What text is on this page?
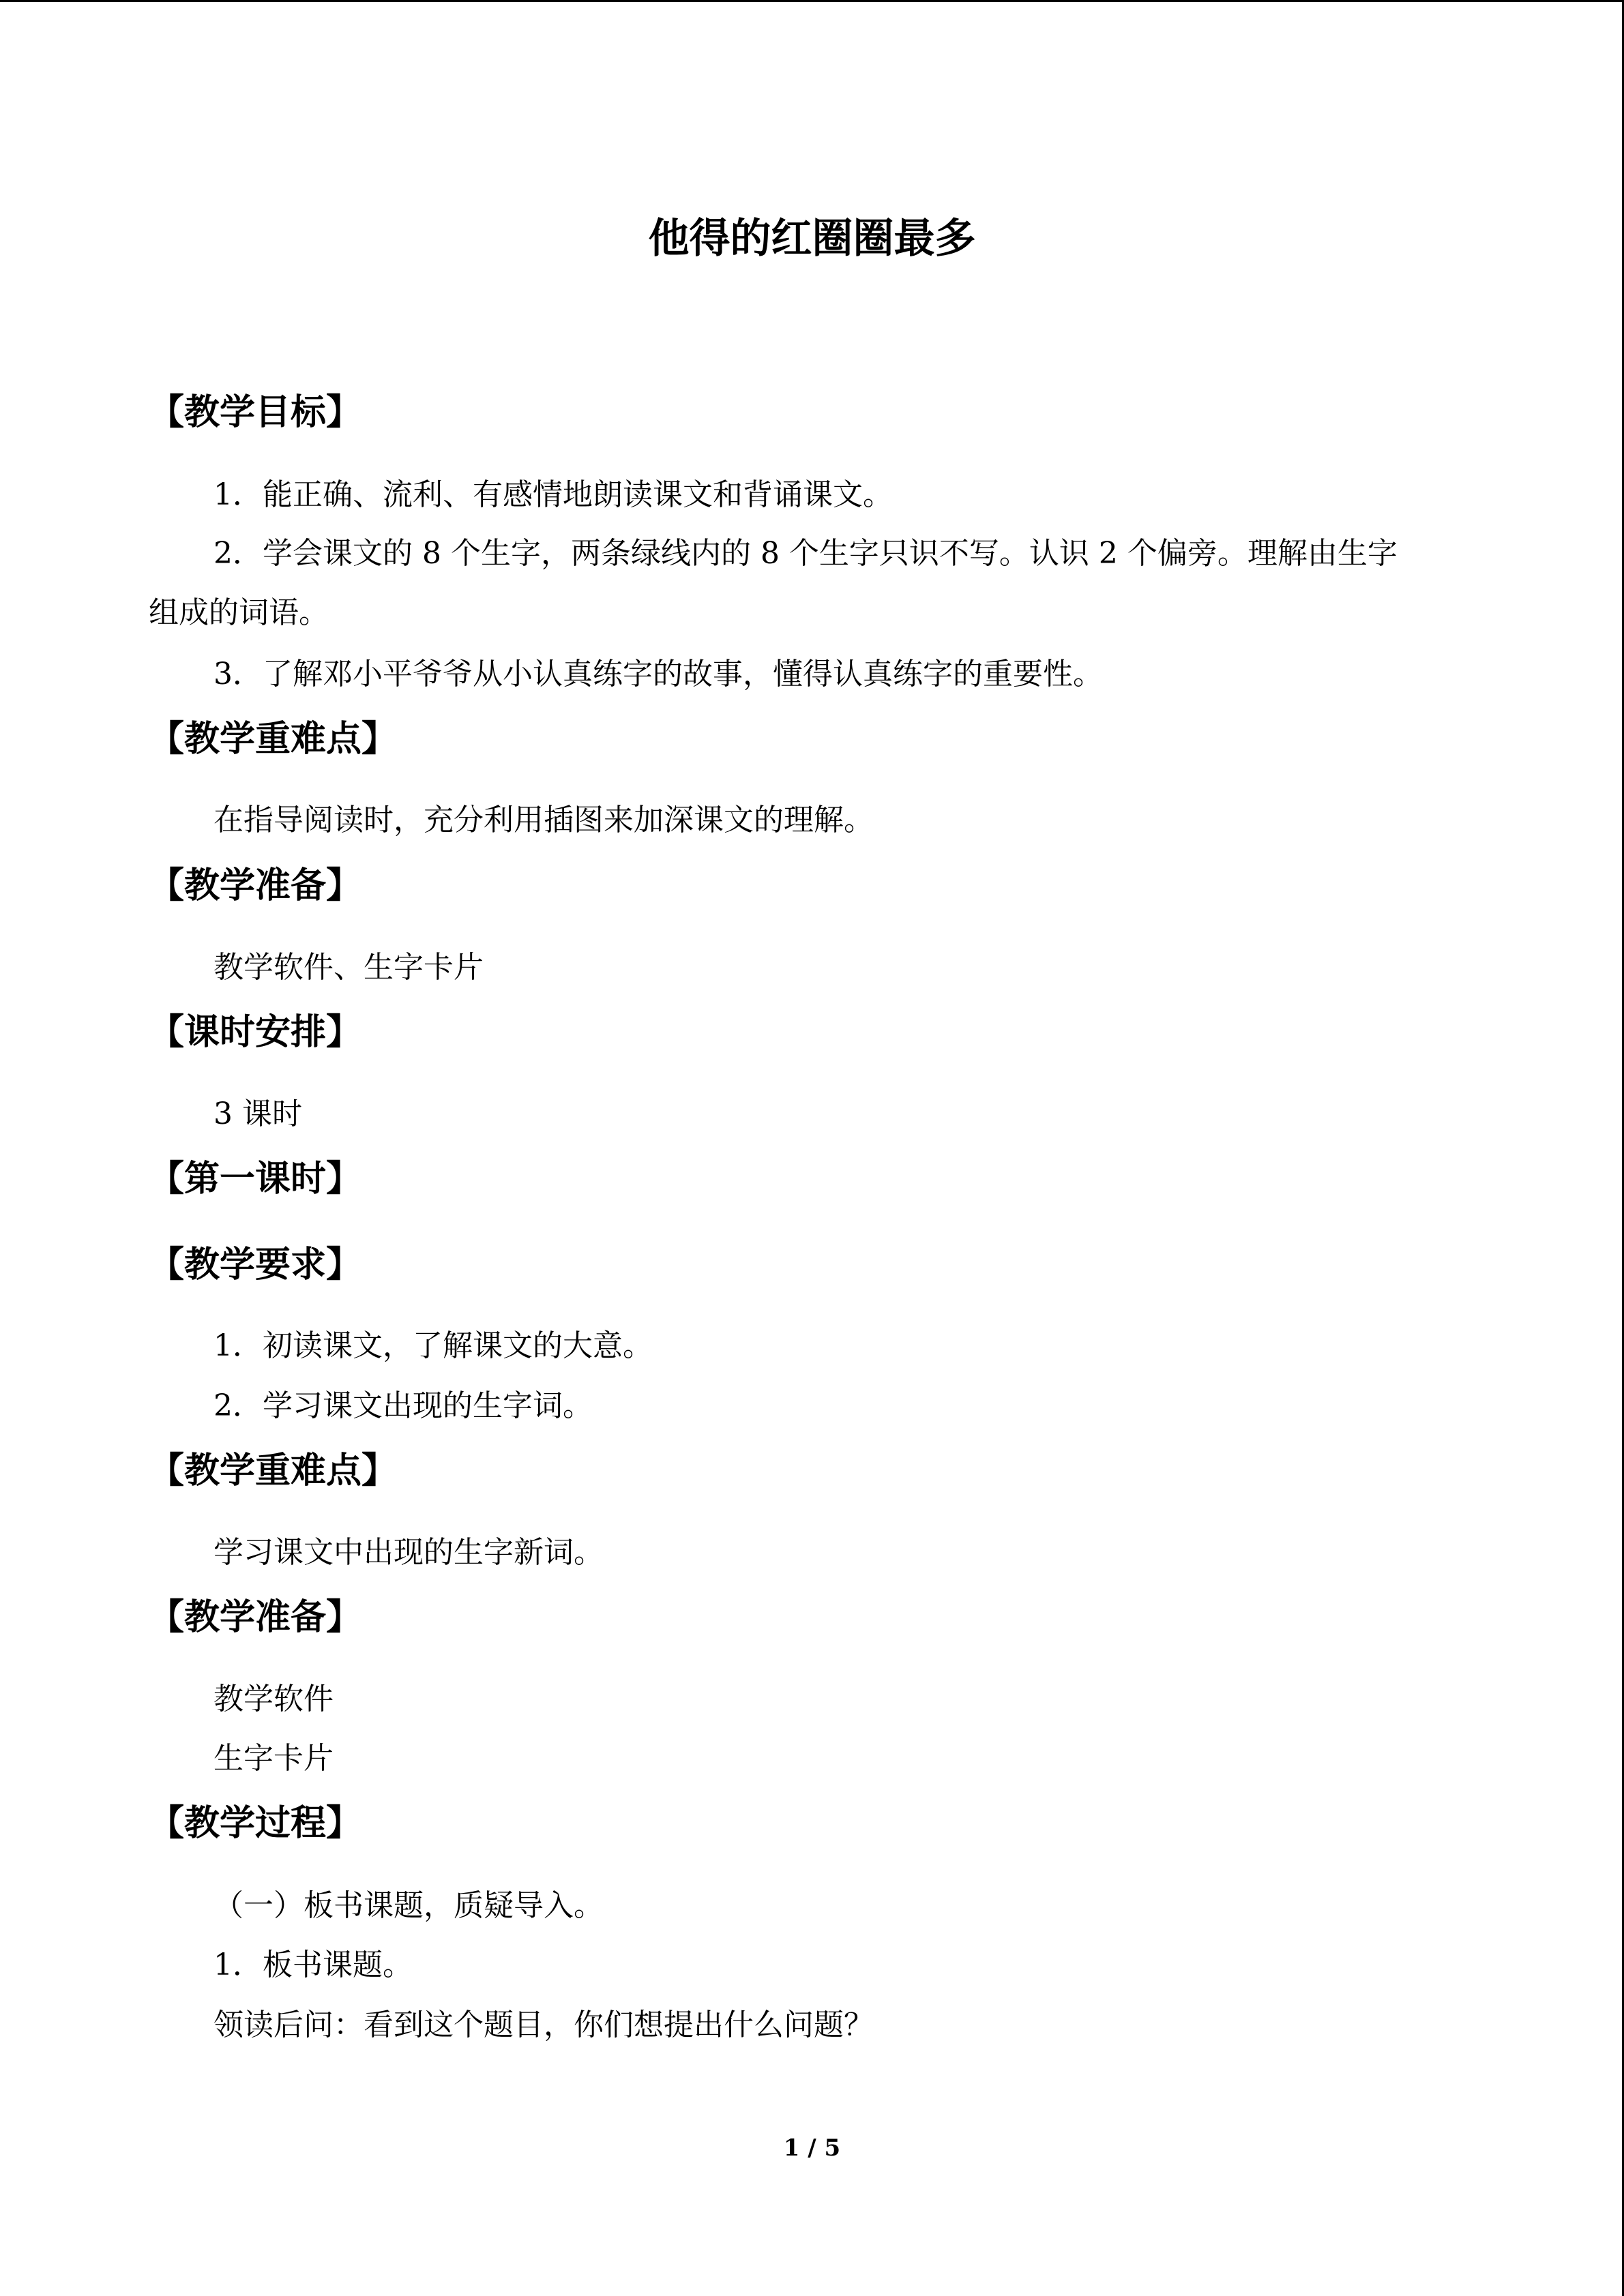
他得的红圈圈最多
【教学目标】

1．能正确、流利、有感情地朗读课文和背诵课文。

2．学会课文的 8 个生字，两条绿线内的 8 个生字只识不写。认识 2 个偏旁。理解由生字

组成的词语。

3．了解邓小平爷爷从小认真练字的故事，懂得认真练字的重要性。

【教学重难点】

在指导阅读时，充分利用插图来加深课文的理解。

【教学准备】

教学软件、生字卡片

【课时安排】

3 课时

【第一课时】
【教学要求】

1．初读课文，了解课文的大意。

2．学习课文出现的生字词。

【教学重难点】

学习课文中出现的生字新词。

【教学准备】

教学软件

生字卡片

【教学过程】

（一）板书课题，质疑导入。

1．板书课题。

领读后问：看到这个题目，你们想提出什么问题？

1 / 5
